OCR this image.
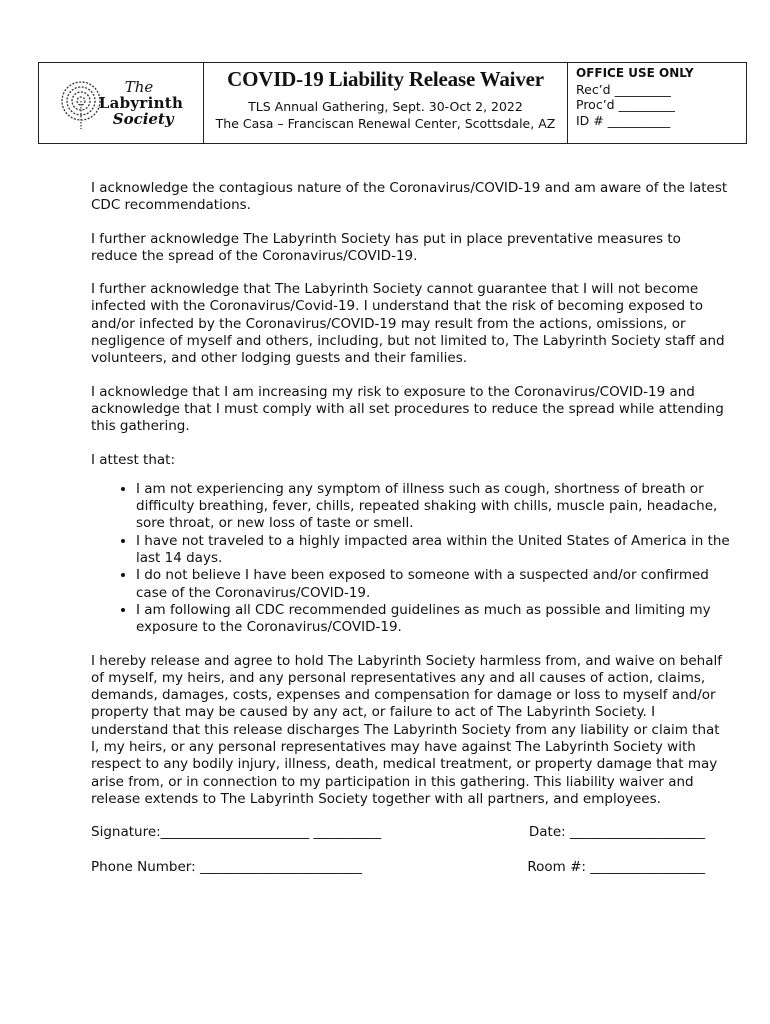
The
Labyrinth
Society
COVID-19 Liability Release Waiver
TLS Annual Gathering, Sept. 30-Oct 2, 2022
The Casa – Franciscan Renewal Center, Scottsdale, AZ
OFFICE USE ONLY
Rec’d _________
Proc’d _________
ID # __________

I acknowledge the contagious nature of the Coronavirus/COVID-19 and am aware of the latest CDC recommendations.

I further acknowledge The Labyrinth Society has put in place preventative measures to reduce the spread of the Coronavirus/COVID-19.

I further acknowledge that The Labyrinth Society cannot guarantee that I will not become infected with the Coronavirus/Covid-19. I understand that the risk of becoming exposed to and/or infected by the Coronavirus/COVID-19 may result from the actions, omissions, or negligence of myself and others, including, but not limited to, The Labyrinth Society staff and volunteers, and other lodging guests and their families.

I acknowledge that I am increasing my risk to exposure to the Coronavirus/COVID-19 and acknowledge that I must comply with all set procedures to reduce the spread while attending this gathering.

I attest that:

• I am not experiencing any symptom of illness such as cough, shortness of breath or difficulty breathing, fever, chills, repeated shaking with chills, muscle pain, headache, sore throat, or new loss of taste or smell.
• I have not traveled to a highly impacted area within the United States of America in the last 14 days.
• I do not believe I have been exposed to someone with a suspected and/or confirmed case of the Coronavirus/COVID-19.
• I am following all CDC recommended guidelines as much as possible and limiting my exposure to the Coronavirus/COVID-19.

I hereby release and agree to hold The Labyrinth Society harmless from, and waive on behalf of myself, my heirs, and any personal representatives any and all causes of action, claims, demands, damages, costs, expenses and compensation for damage or loss to myself and/or property that may be caused by any act, or failure to act of The Labyrinth Society. I understand that this release discharges The Labyrinth Society from any liability or claim that I, my heirs, or any personal representatives may have against The Labyrinth Society with respect to any bodily injury, illness, death, medical treatment, or property damage that may arise from, or in connection to my participation in this gathering. This liability waiver and release extends to The Labyrinth Society together with all partners, and employees.

Signature:______________________ __________	Date: ____________________
Phone Number: ________________________	Room #: _________________
